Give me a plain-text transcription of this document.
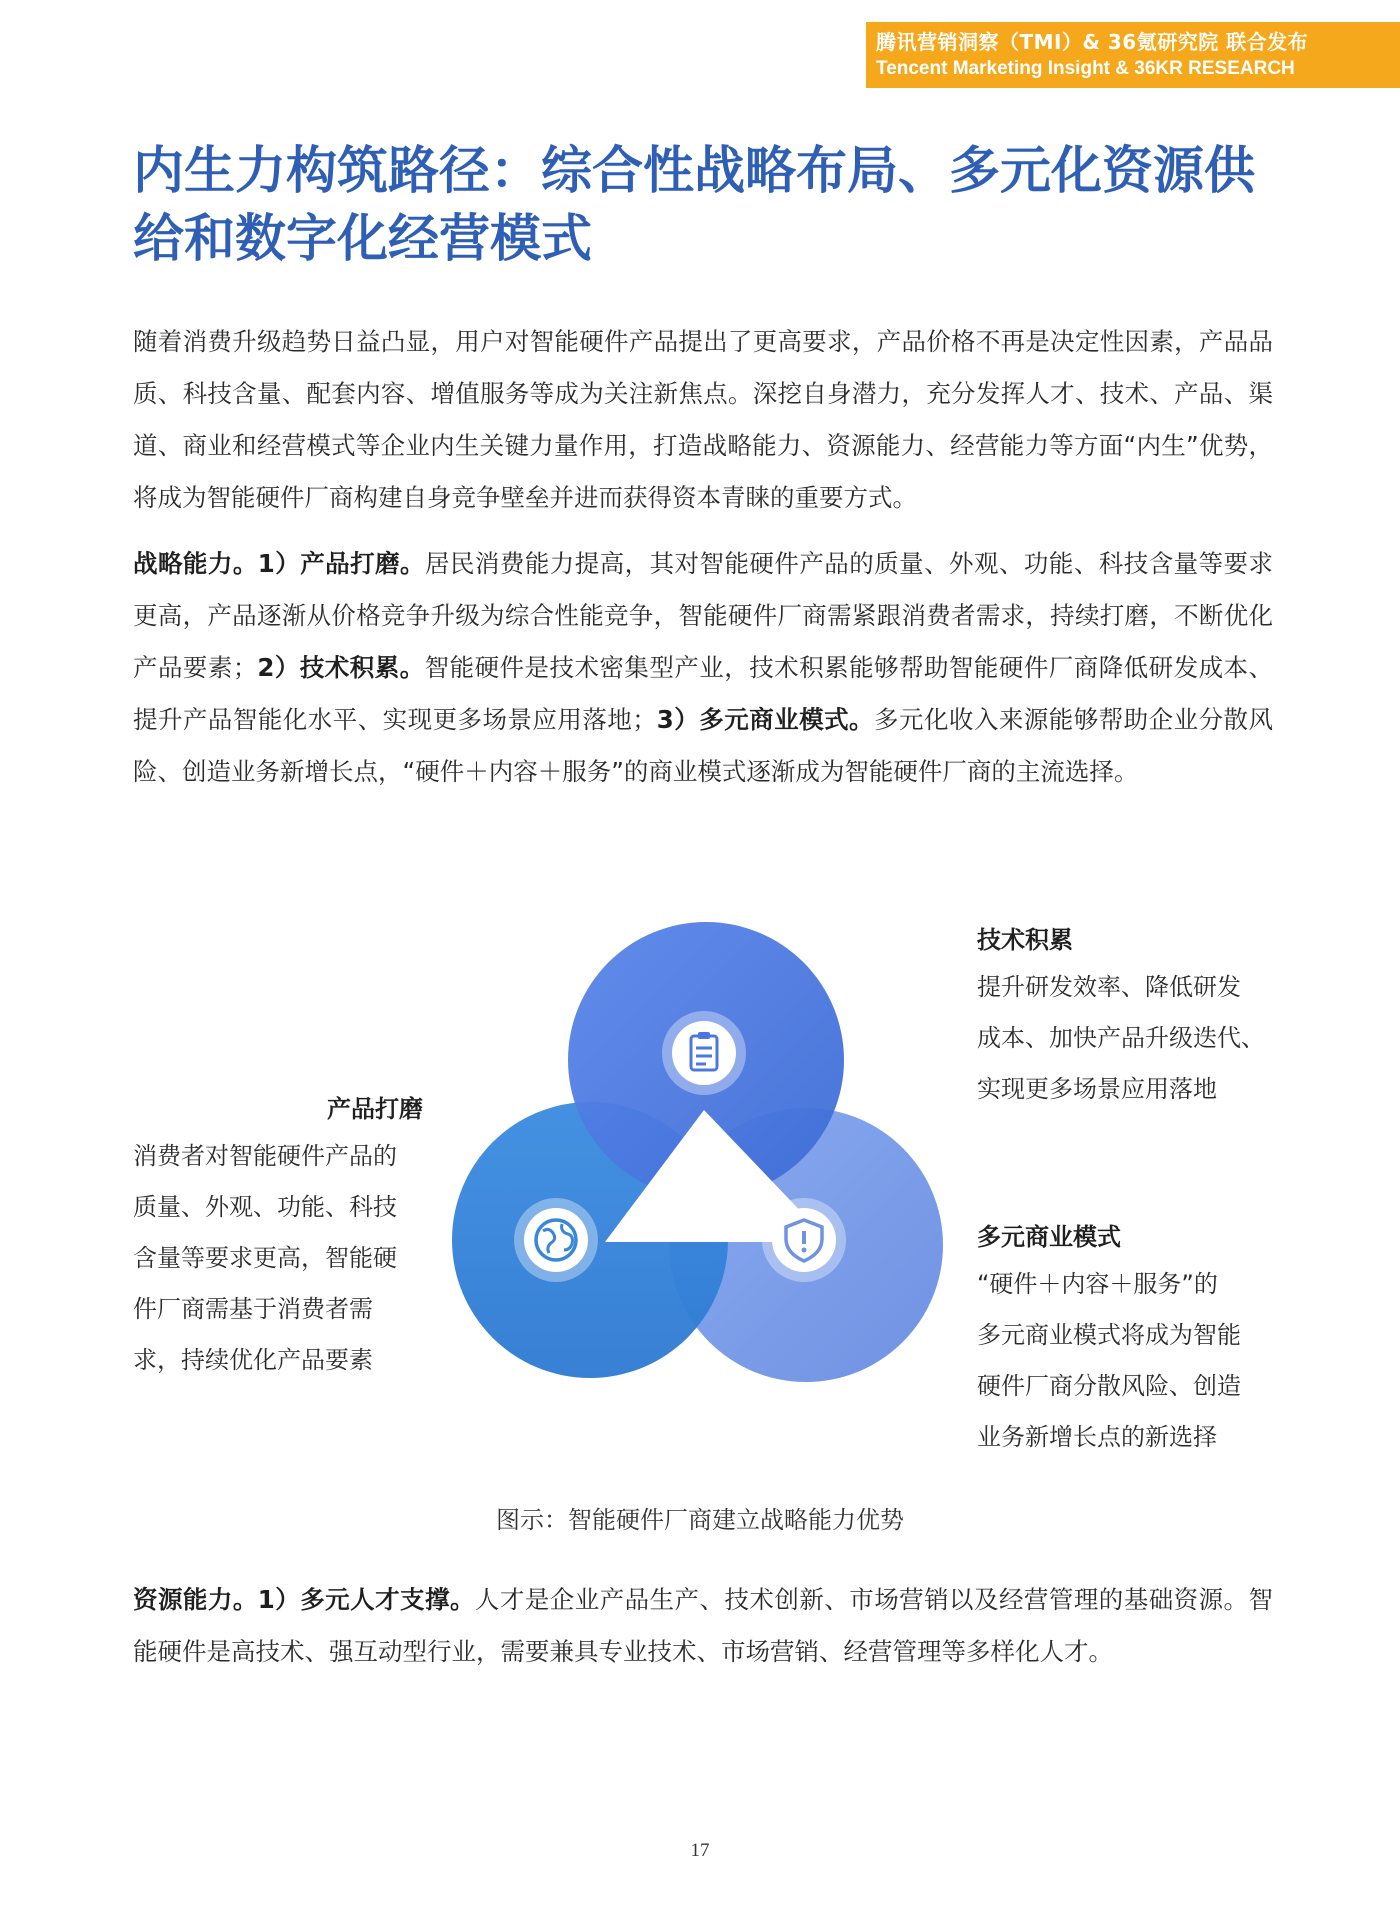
腾讯营销洞察（TMI）& 36氪研究院 联合发布
Tencent Marketing Insight & 36KR RESEARCH
内生力构筑路径：综合性战略布局、多元化资源供给和数字化经营模式

随着消费升级趋势日益凸显，用户对智能硬件产品提出了更高要求，产品价格不再是决定性因素，产品品质、科技含量、配套内容、增值服务等成为关注新焦点。深挖自身潜力，充分发挥人才、技术、产品、渠道、商业和经营模式等企业内生关键力量作用，打造战略能力、资源能力、经营能力等方面“内生”优势，将成为智能硬件厂商构建自身竞争壁垒并进而获得资本青睐的重要方式。

战略能力。1）产品打磨。居民消费能力提高，其对智能硬件产品的质量、外观、功能、科技含量等要求更高，产品逐渐从价格竞争升级为综合性能竞争，智能硬件厂商需紧跟消费者需求，持续打磨，不断优化产品要素；2）技术积累。智能硬件是技术密集型产业，技术积累能够帮助智能硬件厂商降低研发成本、提升产品智能化水平、实现更多场景应用落地；3）多元商业模式。多元化收入来源能够帮助企业分散风险、创造业务新增长点，“硬件＋内容＋服务”的商业模式逐渐成为智能硬件厂商的主流选择。

技术积累
提升研发效率、降低研发
成本、加快产品升级迭代、
实现更多场景应用落地
产品打磨
消费者对智能硬件产品的
质量、外观、功能、科技
含量等要求更高，智能硬
件厂商需基于消费者需
求，持续优化产品要素
多元商业模式
“硬件＋内容＋服务”的
多元商业模式将成为智能
硬件厂商分散风险、创造
业务新增长点的新选择
图示：智能硬件厂商建立战略能力优势

资源能力。1）多元人才支撑。人才是企业产品生产、技术创新、市场营销以及经营管理的基础资源。智能硬件是高技术、强互动型行业，需要兼具专业技术、市场营销、经营管理等多样化人才。

17
